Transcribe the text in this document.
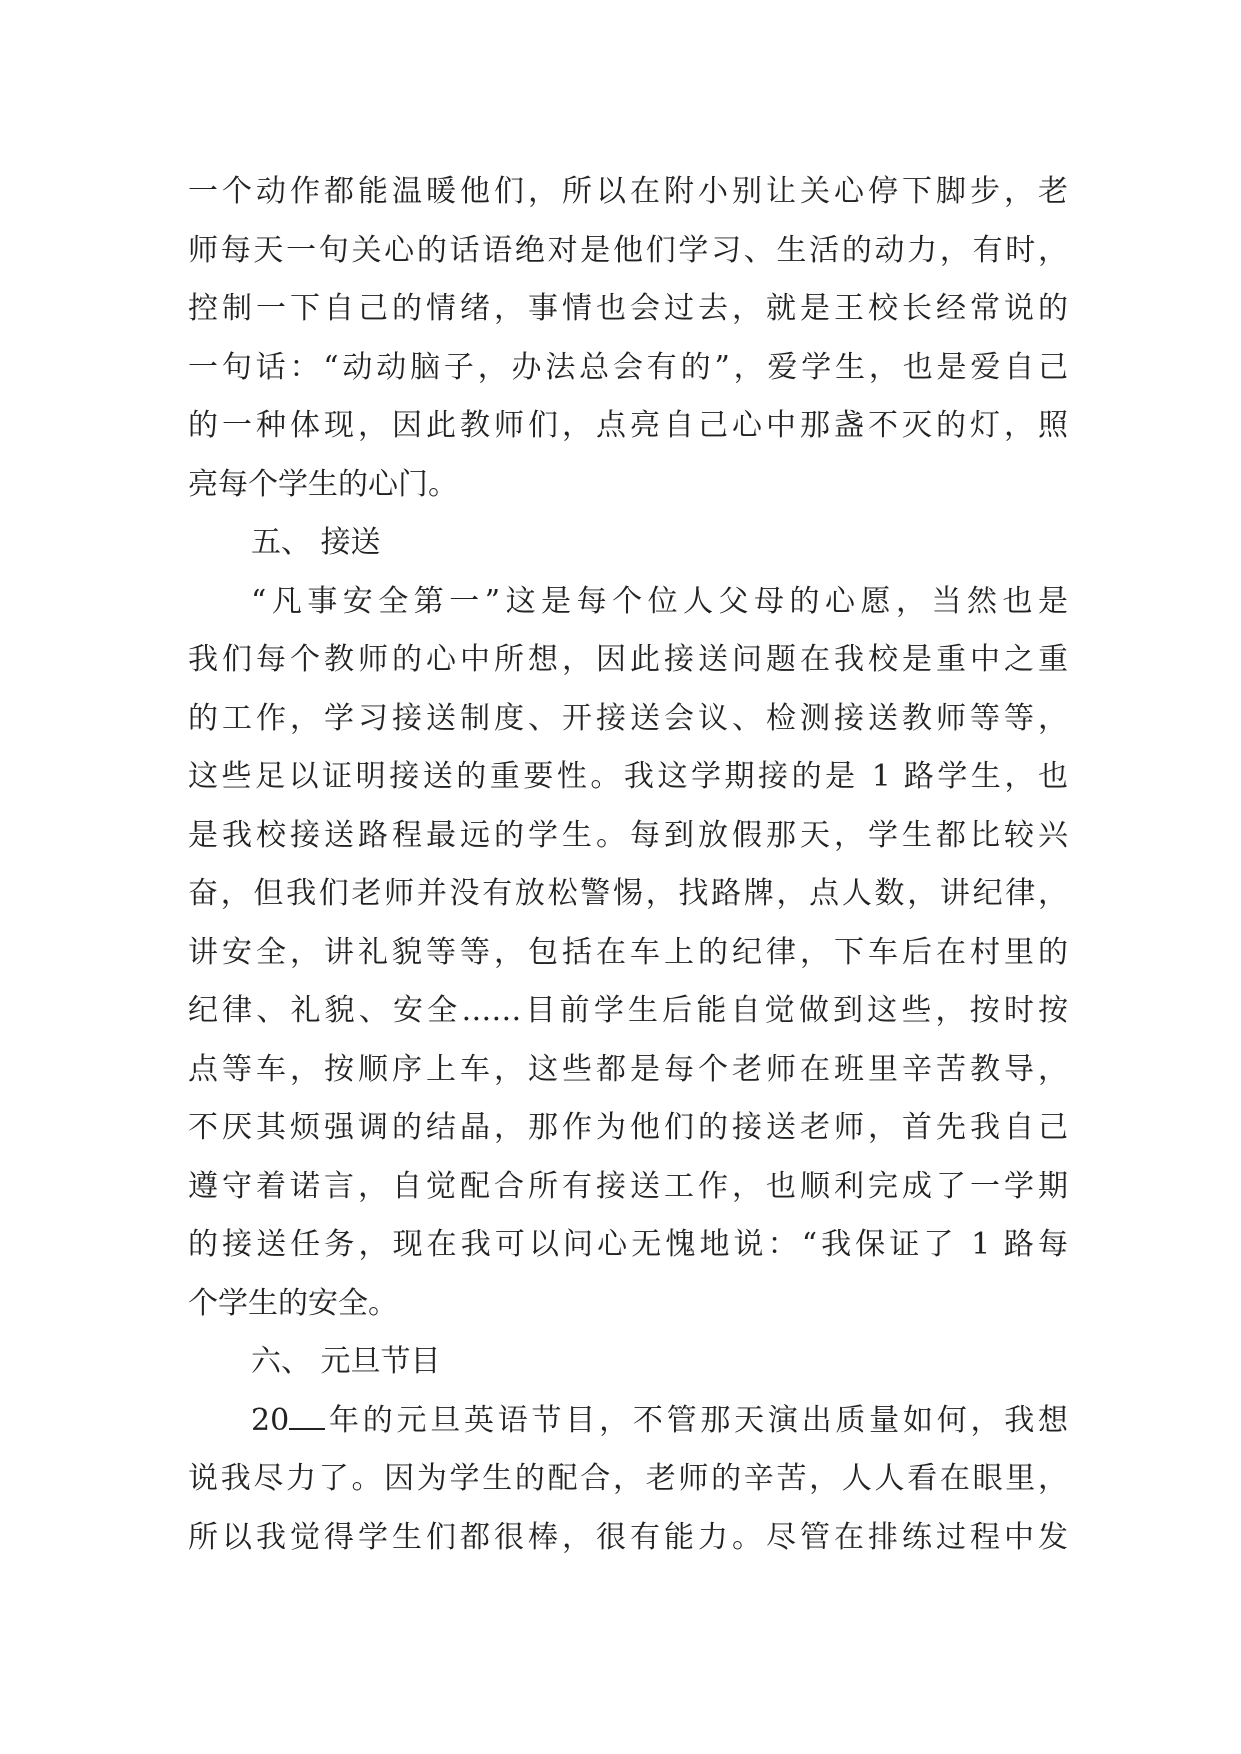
一个动作都能温暖他们，所以在附小别让关心停下脚步，老
师每天一句关心的话语绝对是他们学习、生活的动力，有时，
控制一下自己的情绪，事情也会过去，就是王校长经常说的
一句话：“动动脑子，办法总会有的”，爱学生，也是爱自己
的一种体现，因此教师们，点亮自己心中那盏不灭的灯，照
亮每个学生的心门。
五、 接送
“凡事安全第一”这是每个位人父母的心愿，当然也是
我们每个教师的心中所想，因此接送问题在我校是重中之重
的工作，学习接送制度、开接送会议、检测接送教师等等，
这些足以证明接送的重要性。我这学期接的是 1 路学生，也
是我校接送路程最远的学生。每到放假那天，学生都比较兴
奋，但我们老师并没有放松警惕，找路牌，点人数，讲纪律，
讲安全，讲礼貌等等，包括在车上的纪律，下车后在村里的
纪律、礼貌、安全……目前学生后能自觉做到这些，按时按
点等车，按顺序上车，这些都是每个老师在班里辛苦教导，
不厌其烦强调的结晶，那作为他们的接送老师，首先我自己
遵守着诺言，自觉配合所有接送工作，也顺利完成了一学期
的接送任务，现在我可以问心无愧地说：“我保证了 1 路每
个学生的安全。
六、 元旦节目
20 年的元旦英语节目，不管那天演出质量如何，我想
说我尽力了。因为学生的配合，老师的辛苦，人人看在眼里，
所以我觉得学生们都很棒，很有能力。尽管在排练过程中发
